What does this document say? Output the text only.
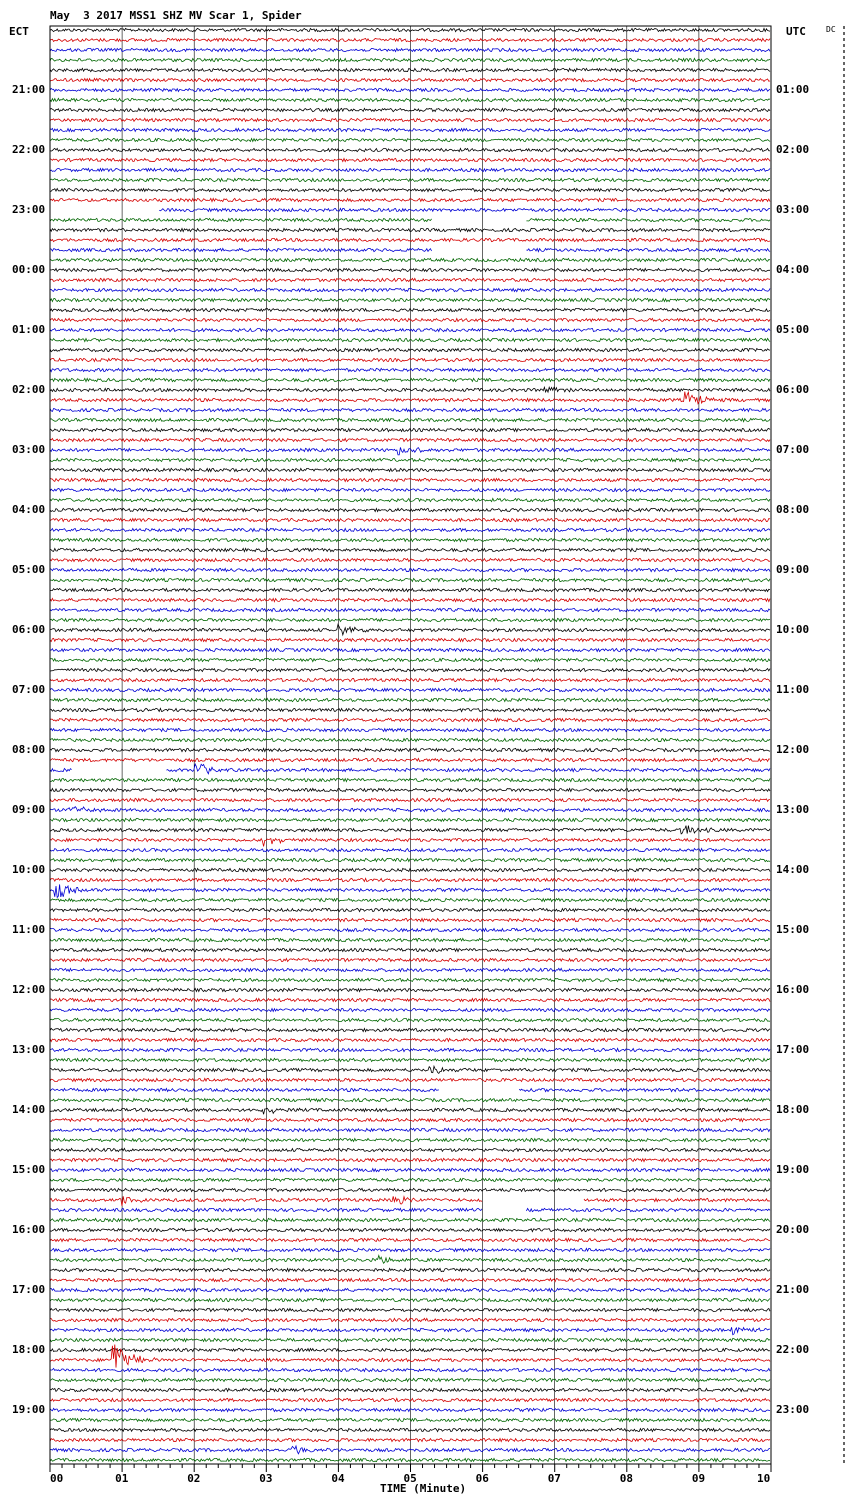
May  3 2017 MSS1 SHZ MV Scar 1, Spider
ECT	UTC	DC
TIME (Minute)
21:00
22:00
23:00
00:00
01:00
02:00
03:00
04:00
05:00
06:00
07:00
08:00
09:00
10:00
11:00
12:00
13:00
14:00
15:00
16:00
17:00
18:00
19:00
01:00
02:00
03:00
04:00
05:00
06:00
07:00
08:00
09:00
10:00
11:00
12:00
13:00
14:00
15:00
16:00
17:00
18:00
19:00
20:00
21:00
22:00
23:00
00	01	02	03	04	05	06	07	08	09	10
